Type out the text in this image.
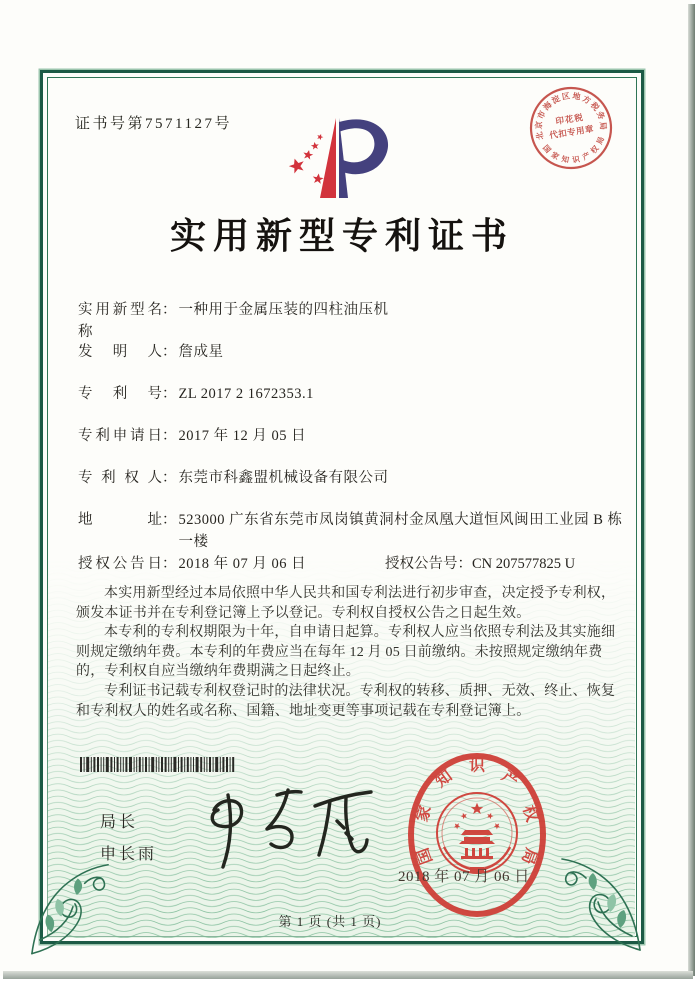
证书号第7571127号
实用新型专利证书
北
京
市
海
淀 区 地 方
税
务
局
国
家 知 识 产
权
局
印花税
代扣专用章
实用新型名称： 一种用于金属压装的四柱油压机
发明人： 詹成星
专利号： ZL 2017 2 1672353.1
专利申请日： 2017 年 12 月 05 日
专利权人： 东莞市科鑫盟机械设备有限公司
地址： 523000 广东省东莞市凤岗镇黄洞村金凤凰大道恒风闽田工业园 B 栋一楼
授权公告日： 2018 年 07 月 06 日	授权公告号：CN 207577825 U

本实用新型经过本局依照中华人民共和国专利法进行初步审查，决定授予专利权，颁发本证书并在专利登记簿上予以登记。专利权自授权公告之日起生效。

本专利的专利权期限为十年，自申请日起算。专利权人应当依照专利法及其实施细则规定缴纳年费。本专利的年费应当在每年 12 月 05 日前缴纳。未按照规定缴纳年费的，专利权自应当缴纳年费期满之日起终止。

专利证书记载专利权登记时的法律状况。专利权的转移、质押、无效、终止、恢复和专利权人的姓名或名称、国籍、地址变更等事项记载在专利登记簿上。

局长
申长雨	国
家
知
识
产
权
局
2018 年 07 月 06 日
第 1 页 (共 1 页)
